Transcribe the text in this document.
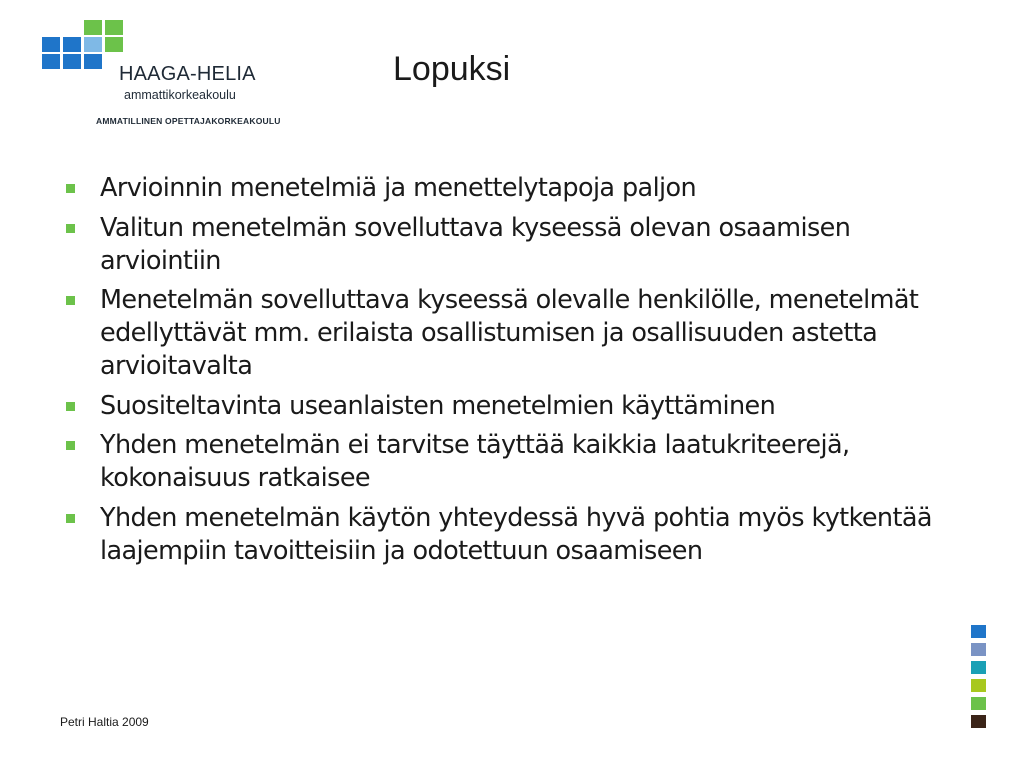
HAAGA-HELIA
ammattikorkeakoulu
AMMATILLINEN OPETTAJAKORKEAKOULU
Lopuksi
Arvioinnin menetelmiä ja menettelytapoja paljon
Valitun menetelmän sovelluttava kyseessä olevan osaamisen arviointiin
Menetelmän sovelluttava kyseessä olevalle henkilölle, menetelmät edellyttävät mm. erilaista osallistumisen ja osallisuuden astetta arvioitavalta
Suositeltavinta useanlaisten menetelmien käyttäminen
Yhden menetelmän ei tarvitse täyttää kaikkia laatukriteerejä, kokonaisuus ratkaisee
Yhden menetelmän käytön yhteydessä hyvä pohtia myös kytkentää laajempiin tavoitteisiin ja odotettuun osaamiseen
Petri Haltia 2009
